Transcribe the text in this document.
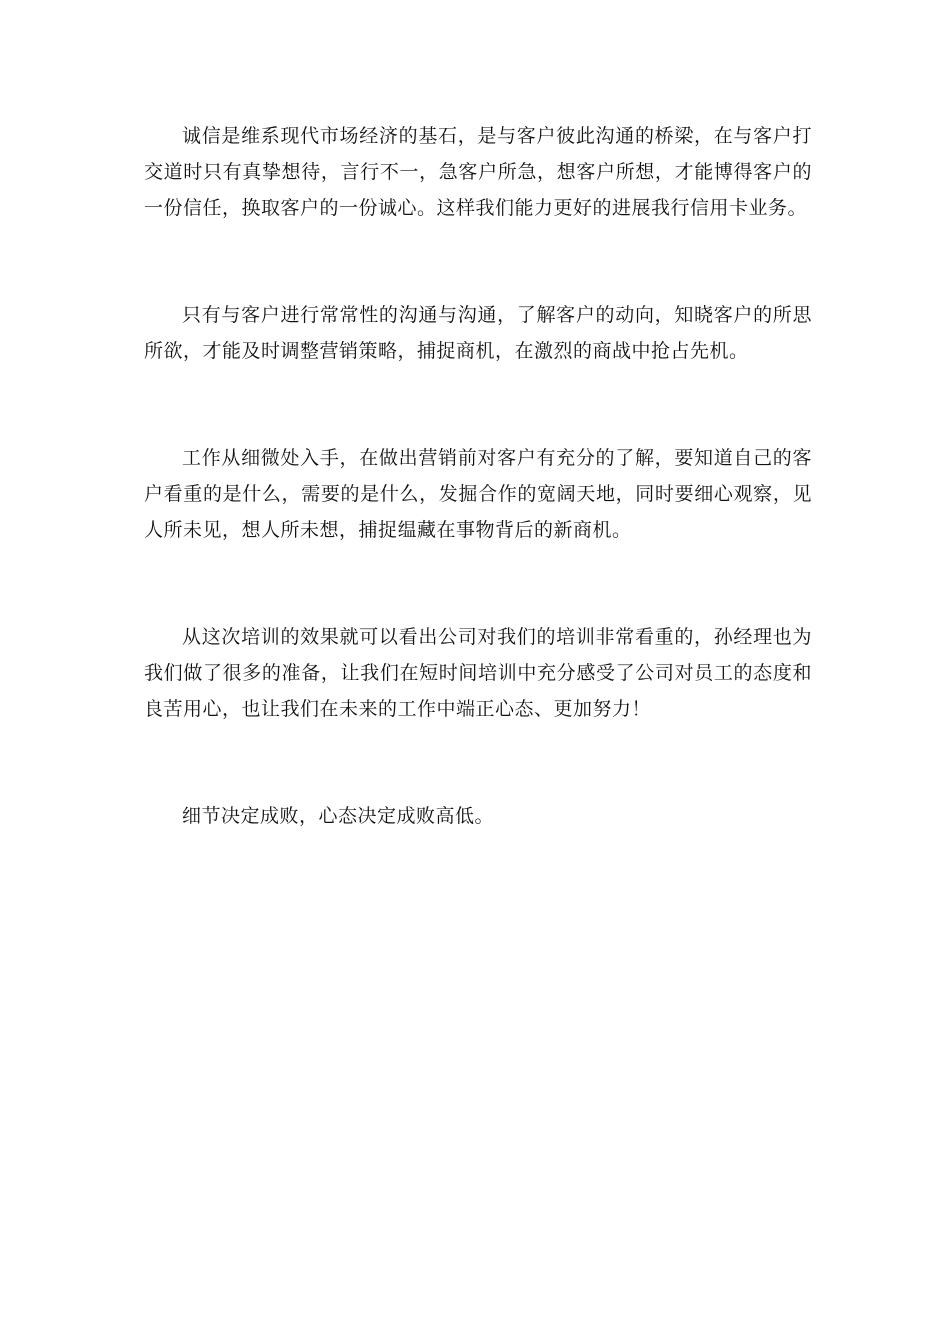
诚信是维系现代市场经济的基石，是与客户彼此沟通的桥梁，在与客户打交道时只有真挚想待，言行不一，急客户所急，想客户所想，才能博得客户的一份信任，换取客户的一份诚心。这样我们能力更好的进展我行信用卡业务。

只有与客户进行常常性的沟通与沟通，了解客户的动向，知晓客户的所思所欲，才能及时调整营销策略，捕捉商机，在激烈的商战中抢占先机。

工作从细微处入手，在做出营销前对客户有充分的了解，要知道自己的客户看重的是什么，需要的是什么，发掘合作的宽阔天地，同时要细心观察，见人所未见，想人所未想，捕捉缊藏在事物背后的新商机。

从这次培训的效果就可以看出公司对我们的培训非常看重的，孙经理也为我们做了很多的准备，让我们在短时间培训中充分感受了公司对员工的态度和良苦用心，也让我们在未来的工作中端正心态、更加努力！

细节决定成败，心态决定成败高低。
